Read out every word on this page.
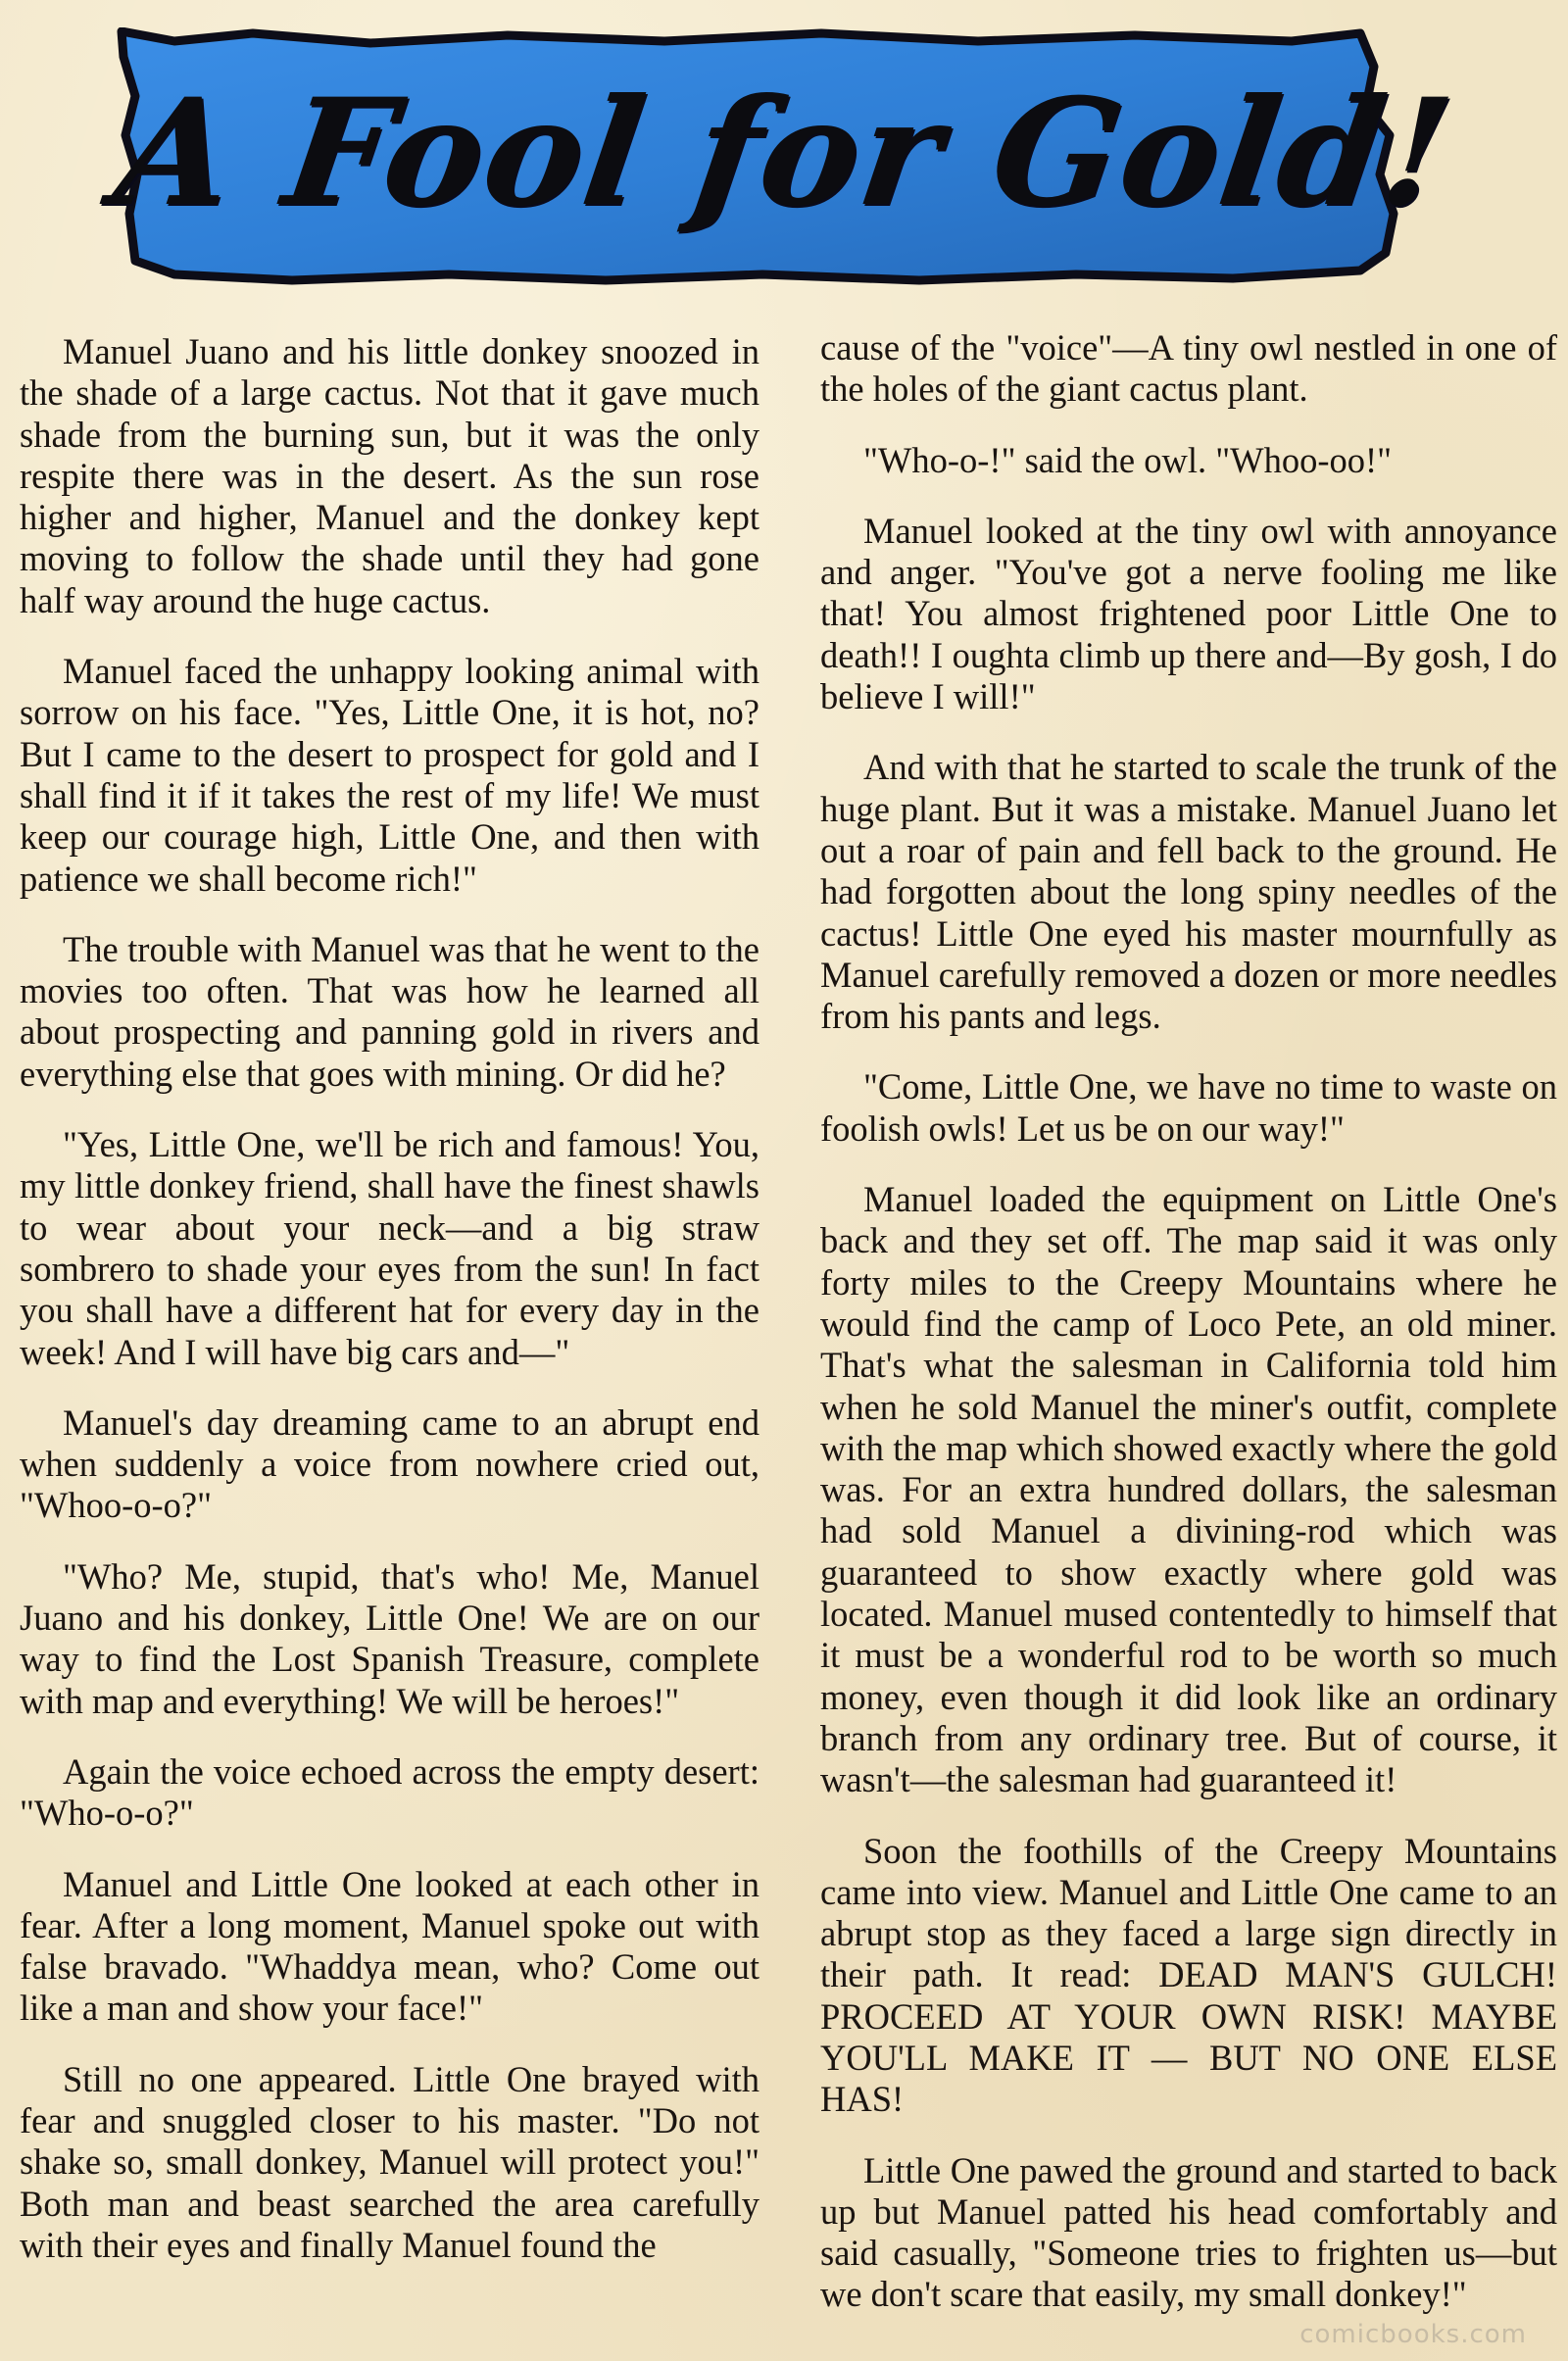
A Fool for Gold!

Manuel Juano and his little donkey snoozed in the shade of a large cactus. Not that it gave much shade from the burning sun, but it was the only respite there was in the desert. As the sun rose higher and higher, Manuel and the donkey kept moving to follow the shade until they had gone half way around the huge cactus.

Manuel faced the unhappy looking animal with sorrow on his face. "Yes, Little One, it is hot, no? But I came to the desert to prospect for gold and I shall find it if it takes the rest of my life! We must keep our courage high, Little One, and then with patience we shall become rich!"

The trouble with Manuel was that he went to the movies too often. That was how he learned all about prospecting and panning gold in rivers and everything else that goes with mining. Or did he?

"Yes, Little One, we'll be rich and famous! You, my little donkey friend, shall have the finest shawls to wear about your neck—and a big straw sombrero to shade your eyes from the sun! In fact you shall have a different hat for every day in the week! And I will have big cars and—"

Manuel's day dreaming came to an abrupt end when suddenly a voice from nowhere cried out, "Whoo-o-o?"

"Who? Me, stupid, that's who! Me, Manuel Juano and his donkey, Little One! We are on our way to find the Lost Spanish Treasure, complete with map and everything! We will be heroes!"

Again the voice echoed across the empty desert: "Who-o-o?"

Manuel and Little One looked at each other in fear. After a long moment, Manuel spoke out with false bravado. "Whaddya mean, who? Come out like a man and show your face!"

Still no one appeared. Little One brayed with fear and snuggled closer to his master. "Do not shake so, small donkey, Manuel will protect you!" Both man and beast searched the area carefully with their eyes and finally Manuel found the

cause of the "voice"—A tiny owl nestled in one of the holes of the giant cactus plant.

"Who-o-!" said the owl. "Whoo-oo!"

Manuel looked at the tiny owl with annoyance and anger. "You've got a nerve fooling me like that! You almost frightened poor Little One to death!! I oughta climb up there and—By gosh, I do believe I will!"

And with that he started to scale the trunk of the huge plant. But it was a mistake. Manuel Juano let out a roar of pain and fell back to the ground. He had forgotten about the long spiny needles of the cactus! Little One eyed his master mournfully as Manuel carefully removed a dozen or more needles from his pants and legs.

"Come, Little One, we have no time to waste on foolish owls! Let us be on our way!"

Manuel loaded the equipment on Little One's back and they set off. The map said it was only forty miles to the Creepy Mountains where he would find the camp of Loco Pete, an old miner. That's what the salesman in California told him when he sold Manuel the miner's outfit, complete with the map which showed exactly where the gold was. For an extra hundred dollars, the salesman had sold Manuel a divining-rod which was guaranteed to show exactly where gold was located. Manuel mused contentedly to himself that it must be a wonderful rod to be worth so much money, even though it did look like an ordinary branch from any ordinary tree. But of course, it wasn't—the salesman had guaranteed it!

Soon the foothills of the Creepy Mountains came into view. Manuel and Little One came to an abrupt stop as they faced a large sign directly in their path. It read: DEAD MAN'S GULCH! PROCEED AT YOUR OWN RISK! MAYBE YOU'LL MAKE IT — BUT NO ONE ELSE HAS!

Little One pawed the ground and started to back up but Manuel patted his head comfortably and said casually, "Someone tries to frighten us—but we don't scare that easily, my small donkey!"

comicbooks.com
